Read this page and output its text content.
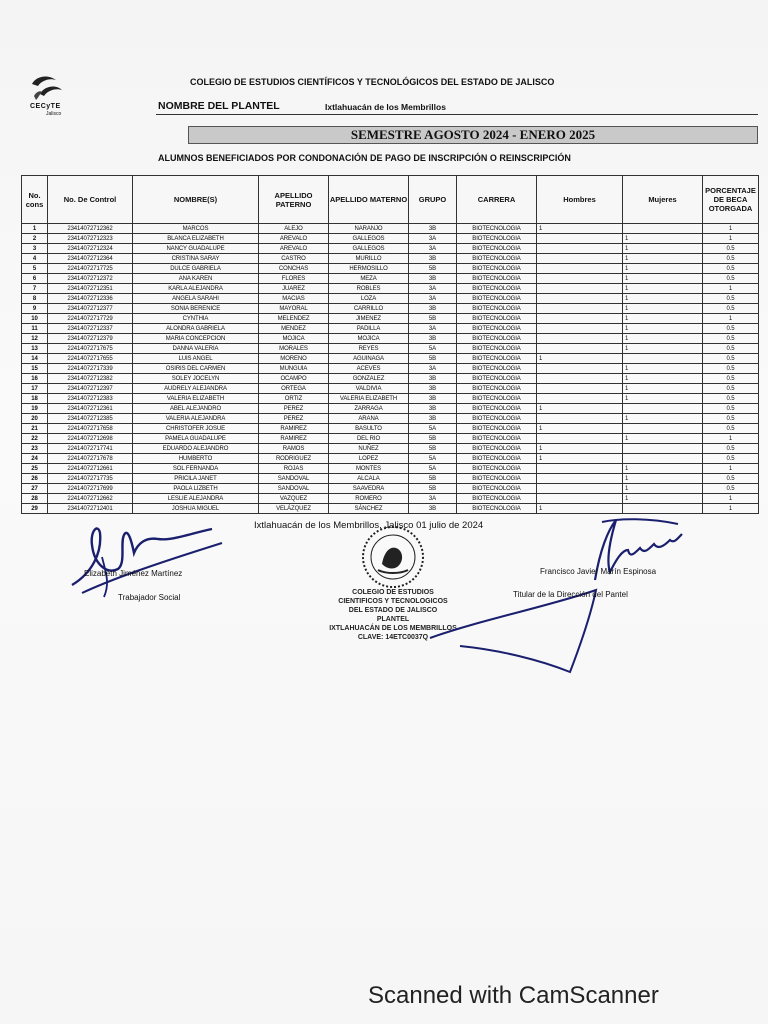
CECyTE
Jalisco
COLEGIO DE ESTUDIOS CIENTÍFICOS Y TECNOLÓGICOS DEL ESTADO DE JALISCO
NOMBRE DEL PLANTEL	Ixtlahuacán de los Membrillos
SEMESTRE AGOSTO 2024 - ENERO 2025
ALUMNOS BENEFICIADOS POR CONDONACIÓN DE PAGO DE INSCRIPCIÓN O REINSCRIPCIÓN
No. cons	No. De Control	NOMBRE(S)	APELLIDO PATERNO	APELLIDO MATERNO	GRUPO	CARRERA	Hombres	Mujeres	PORCENTAJE DE BECA OTORGADA
1	23414072712362	MARCOS	ALEJO	NARANJO	3B	BIOTECNOLOGIA	1		1
2	23414072712323	BLANCA ELIZABETH	AREVALO	GALLEGOS	3A	BIOTECNOLOGIA		1	1
3	23414072712324	NANCY GUADALUPE	AREVALO	GALLEGOS	3A	BIOTECNOLOGIA		1	0.5
4	23414072712364	CRISTINA SARAY	CASTRO	MURILLO	3B	BIOTECNOLOGIA		1	0.5
5	22414072717725	DULCE GABRIELA	CONCHAS	HERMOSILLO	5B	BIOTECNOLOGIA		1	0.5
6	23414072712372	ANA KAREN	FLORES	MEZA	3B	BIOTECNOLOGIA		1	0.5
7	23414072712351	KARLA ALEJANDRA	JUAREZ	ROBLES	3A	BIOTECNOLOGIA		1	1
8	23414072712336	ANGELA SARAHI	MACIAS	LOZA	3A	BIOTECNOLOGIA		1	0.5
9	23414072712377	SONIA BERENICE	MAYORAL	CARRILLO	3B	BIOTECNOLOGIA		1	0.5
10	22414072717729	CYNTHIA	MELENDEZ	JIMENEZ	5B	BIOTECNOLOGIA		1	1
11	23414072712337	ALONDRA GABRIELA	MENDEZ	PADILLA	3A	BIOTECNOLOGIA		1	0.5
12	23414072712379	MARIA CONCEPCION	MOJICA	MOJICA	3B	BIOTECNOLOGIA		1	0.5
13	22414072717675	DANNA VALERIA	MORALES	REYES	5A	BIOTECNOLOGIA		1	0.5
14	22414072717655	LUIS ANGEL	MORENO	AGUINAGA	5B	BIOTECNOLOGIA	1		0.5
15	22414072717339	OSIRIS DEL CARMEN	MUNGUIA	ACEVES	3A	BIOTECNOLOGIA		1	0.5
16	23414072712382	SOLEY JOCELYN	OCAMPO	GONZALEZ	3B	BIOTECNOLOGIA		1	0.5
17	23414072712397	AUDRELY ALEJANDRA	ORTEGA	VALDIVIA	3B	BIOTECNOLOGIA		1	0.5
18	23414072712383	VALERIA ELIZABETH	ORTIZ	VALERIA ELIZABETH	3B	BIOTECNOLOGIA		1	0.5
19	23414072712361	ABEL ALEJANDRO	PEREZ	ZARRAGA	3B	BIOTECNOLOGIA	1		0.5
20	23414072712385	VALERIA ALEJANDRA	PEREZ	ARANA	3B	BIOTECNOLOGIA		1	0.5
21	22414072717658	CHRISTOFER JOSUE	RAMIREZ	BASULTO	5A	BIOTECNOLOGIA	1		0.5
22	22414072712698	PAMELA GUADALUPE	RAMIREZ	DEL RIO	5B	BIOTECNOLOGIA		1	1
23	22414072717741	EDUARDO ALEJANDRO	RAMOS	NUÑEZ	5B	BIOTECNOLOGIA	1		0.5
24	22414072717678	HUMBERTO	RODRIGUEZ	LOPEZ	5A	BIOTECNOLOGIA	1		0.5
25	22414072712661	SOL FERNANDA	ROJAS	MONTES	5A	BIOTECNOLOGIA		1	1
26	22414072717735	PRICILA JANET	SANDOVAL	ALCALA	5B	BIOTECNOLOGIA		1	0.5
27	22414072717699	PAOLA LIZBETH	SANDOVAL	SAAVEDRA	5B	BIOTECNOLOGIA		1	0.5
28	22414072712662	LESLIE ALEJANDRA	VAZQUEZ	ROMERO	3A	BIOTECNOLOGIA		1	1
29	23414072712401	JOSHUA MIGUEL	VELÁZQUEZ	SÁNCHEZ	3B	BIOTECNOLOGIA	1		1
Ixtlahuacán de los Membrillos, Jalisco 01 julio de 2024
Elizabeth Jiménez Martínez
Trabajador Social
COLEGIO DE ESTUDIOS
CIENTIFICOS Y TECNOLOGICOS
DEL ESTADO DE JALISCO
PLANTEL
IXTLAHUACÁN DE LOS MEMBRILLOS
CLAVE: 14ETC0037Q
Francisco Javier Marín Espinosa
Titular de la Dirección del Pantel
Scanned with CamScanner
